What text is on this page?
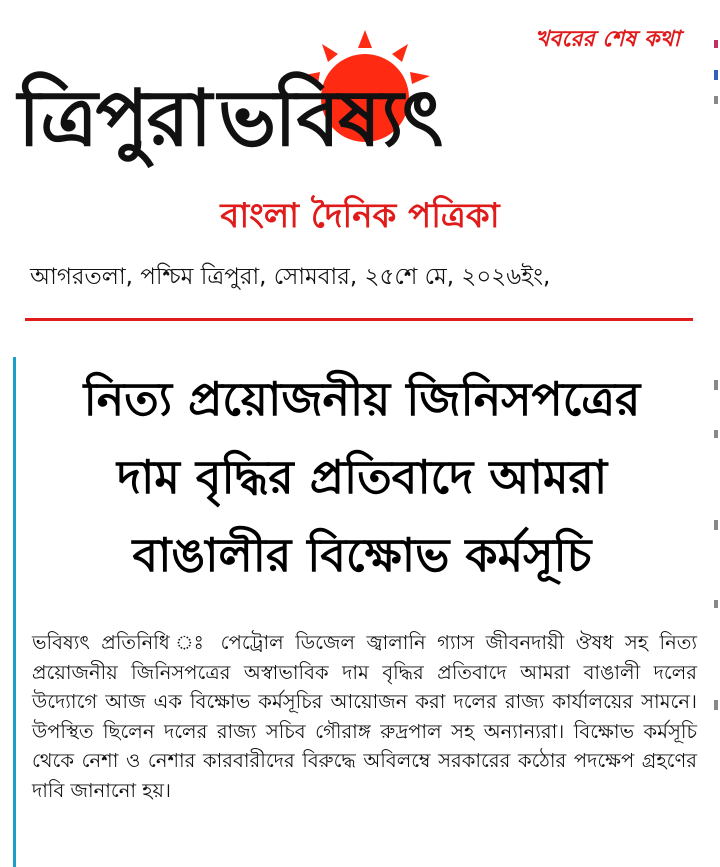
খবরের শেষ কথা
ত্রিপুরা ভবিষ্যৎ
বাংলা দৈনিক পত্রিকা
আগরতলা, পশ্চিম ত্রিপুরা, সোমবার, ২৫শে মে, ২০২৬ইং,
নিত্য প্রয়োজনীয় জিনিসপত্রের
দাম বৃদ্ধির প্রতিবাদে আমরা
বাঙালীর বিক্ষোভ কর্মসূচি
ভবিষ্যৎ প্রতিনিধি ঃ পেট্রোল ডিজেল জ্বালানি গ্যাস জীবনদায়ী ঔষধ সহ নিত্য প্রয়োজনীয় জিনিসপত্রের অস্বাভাবিক দাম বৃদ্ধির প্রতিবাদে আমরা বাঙালী দলের উদ্যোগে আজ এক বিক্ষোভ কর্মসূচির আয়োজন করা দলের রাজ্য কার্যালয়ের সামনে। উপস্থিত ছিলেন দলের রাজ্য সচিব গৌরাঙ্গ রুদ্রপাল সহ অন্যান্যরা। বিক্ষোভ কর্মসূচি থেকে নেশা ও নেশার কারবারীদের বিরুদ্ধে অবিলম্বে সরকারের কঠোর পদক্ষেপ গ্রহণের দাবি জানানো হয়।
